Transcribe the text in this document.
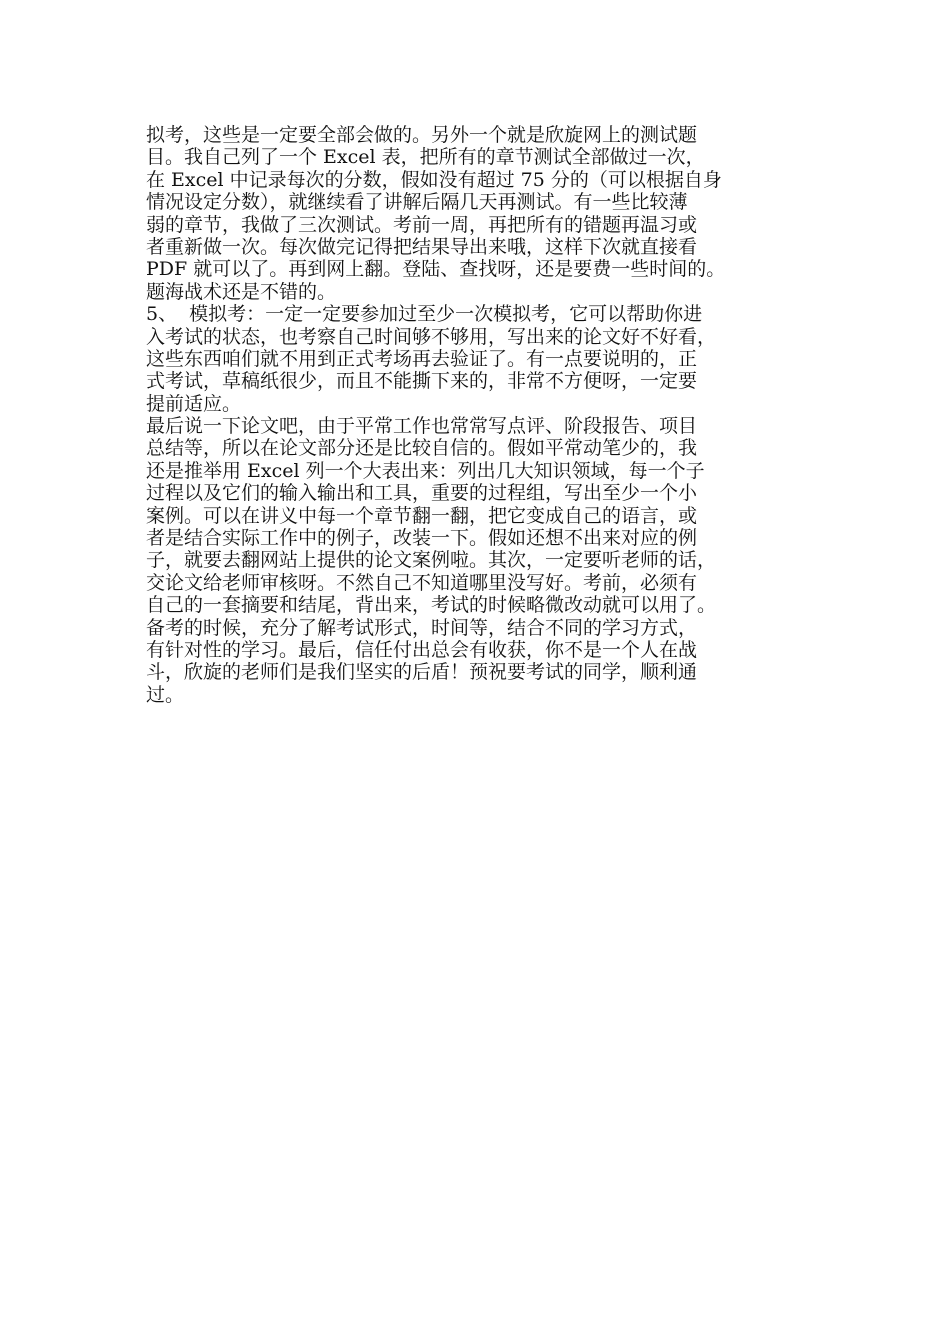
拟考，这些是一定要全部会做的。另外一个就是欣旋网上的测试题
目。我自己列了一个 Excel 表，把所有的章节测试全部做过一次，
在 Excel 中记录每次的分数，假如没有超过 75 分的（可以根据自身
情况设定分数），就继续看了讲解后隔几天再测试。有一些比较薄
弱的章节，我做了三次测试。考前一周，再把所有的错题再温习或
者重新做一次。每次做完记得把结果导出来哦，这样下次就直接看
PDF 就可以了。再到网上翻。登陆、查找呀，还是要费一些时间的。
题海战术还是不错的。
5、  模拟考：一定一定要参加过至少一次模拟考，它可以帮助你进
入考试的状态，也考察自己时间够不够用，写出来的论文好不好看，
这些东西咱们就不用到正式考场再去验证了。有一点要说明的，正
式考试，草稿纸很少，而且不能撕下来的，非常不方便呀，一定要
提前适应。
最后说一下论文吧，由于平常工作也常常写点评、阶段报告、项目
总结等，所以在论文部分还是比较自信的。假如平常动笔少的，我
还是推举用 Excel 列一个大表出来：列出几大知识领域，每一个子
过程以及它们的输入输出和工具，重要的过程组，写出至少一个小
案例。可以在讲义中每一个章节翻一翻，把它变成自己的语言，或
者是结合实际工作中的例子，改装一下。假如还想不出来对应的例
子，就要去翻网站上提供的论文案例啦。其次，一定要听老师的话，
交论文给老师审核呀。不然自己不知道哪里没写好。考前，必须有
自己的一套摘要和结尾，背出来，考试的时候略微改动就可以用了。
备考的时候，充分了解考试形式，时间等，结合不同的学习方式，
有针对性的学习。最后，信任付出总会有收获，你不是一个人在战
斗，欣旋的老师们是我们坚实的后盾！预祝要考试的同学，顺利通
过。
